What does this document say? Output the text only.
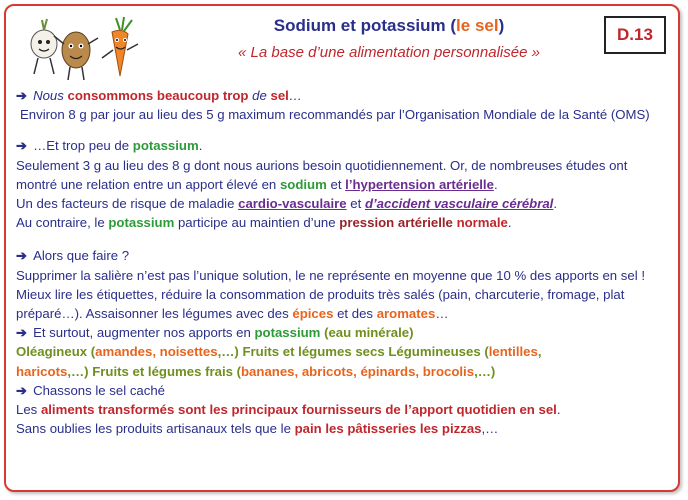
Sodium et potassium (le sel)
« La base d’une alimentation personnalisée »
D.13

➔ Nous consommons beaucoup trop de sel…

Environ 8 g par jour au lieu des 5 g maximum recommandés par l’Organisation Mondiale de la Santé (OMS)

➔ …Et trop peu de potassium.

Seulement 3 g au lieu des 8 g dont nous aurions besoin quotidiennement. Or, de nombreuses études ont montré une relation entre un apport élevé en sodium et l’hypertension artérielle.
Un des facteurs de risque de maladie cardio-vasculaire et d’accident vasculaire cérébral.
Au contraire, le potassium participe au maintien d’une pression artérielle normale.

➔ Alors que faire ?

Supprimer la salière n’est pas l’unique solution, le ne représente en moyenne que 10 % des apports en sel ! Mieux lire les étiquettes, réduire la consommation de produits très salés (pain, charcuterie, fromage, plat préparé…). Assaisonner les légumes avec des épices et des aromates…

➔ Et surtout, augmenter nos apports en potassium (eau minérale)

Oléagineux (amandes, noisettes,…) Fruits et légumes secs Légumineuses (lentilles,
haricots,…) Fruits et légumes frais (bananes, abricots, épinards, brocolis,…)

➔ Chassons le sel caché

Les aliments transformés sont les principaux fournisseurs de l’apport quotidien en sel.
Sans oublies les produits artisanaux tels que le pain les pâtisseries les pizzas,…
